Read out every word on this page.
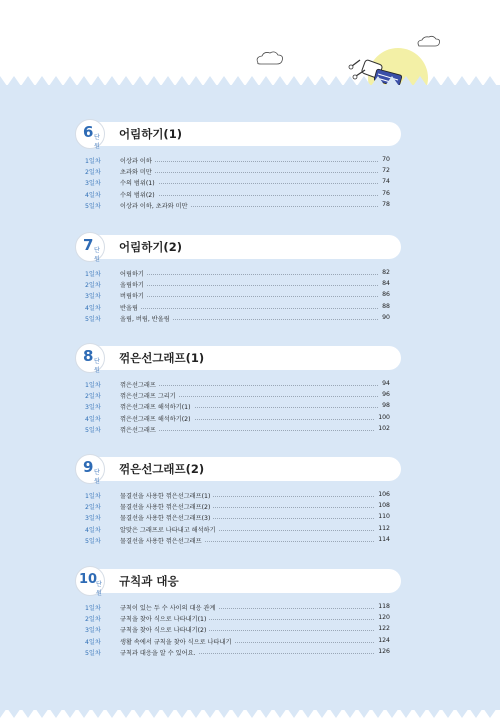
6 단원
어림하기(1)
1일차	이상과 이하	70
2일차	초과와 미만	72
3일차	수의 범위(1)	74
4일차	수의 범위(2)	76
5일차	이상과 이하, 초과와 미만	78
7 단원
어림하기(2)
1일차	어림하기	82
2일차	올림하기	84
3일차	버림하기	86
4일차	반올림	88
5일차	올림, 버림, 반올림	90
8 단원
꺾은선그래프(1)
1일차	꺾은선그래프	94
2일차	꺾은선그래프 그리기	96
3일차	꺾은선그래프 해석하기(1)	98
4일차	꺾은선그래프 해석하기(2)	100
5일차	꺾은선그래프	102
9 단원
꺾은선그래프(2)
1일차	물결선을 사용한 꺾은선그래프(1)	106
2일차	물결선을 사용한 꺾은선그래프(2)	108
3일차	물결선을 사용한 꺾은선그래프(3)	110
4일차	알맞은 그래프로 나타내고 해석하기	112
5일차	물결선을 사용한 꺾은선그래프	114
10
단원
규칙과 대응
1일차	규칙이 있는 두 수 사이의 대응 관계	118
2일차	규칙을 찾아 식으로 나타내기(1)	120
3일차	규칙을 찾아 식으로 나타내기(2)	122
4일차	생활 속에서 규칙을 찾아 식으로 나타내기	124
5일차	규칙과 대응을 알 수 있어요.	126
